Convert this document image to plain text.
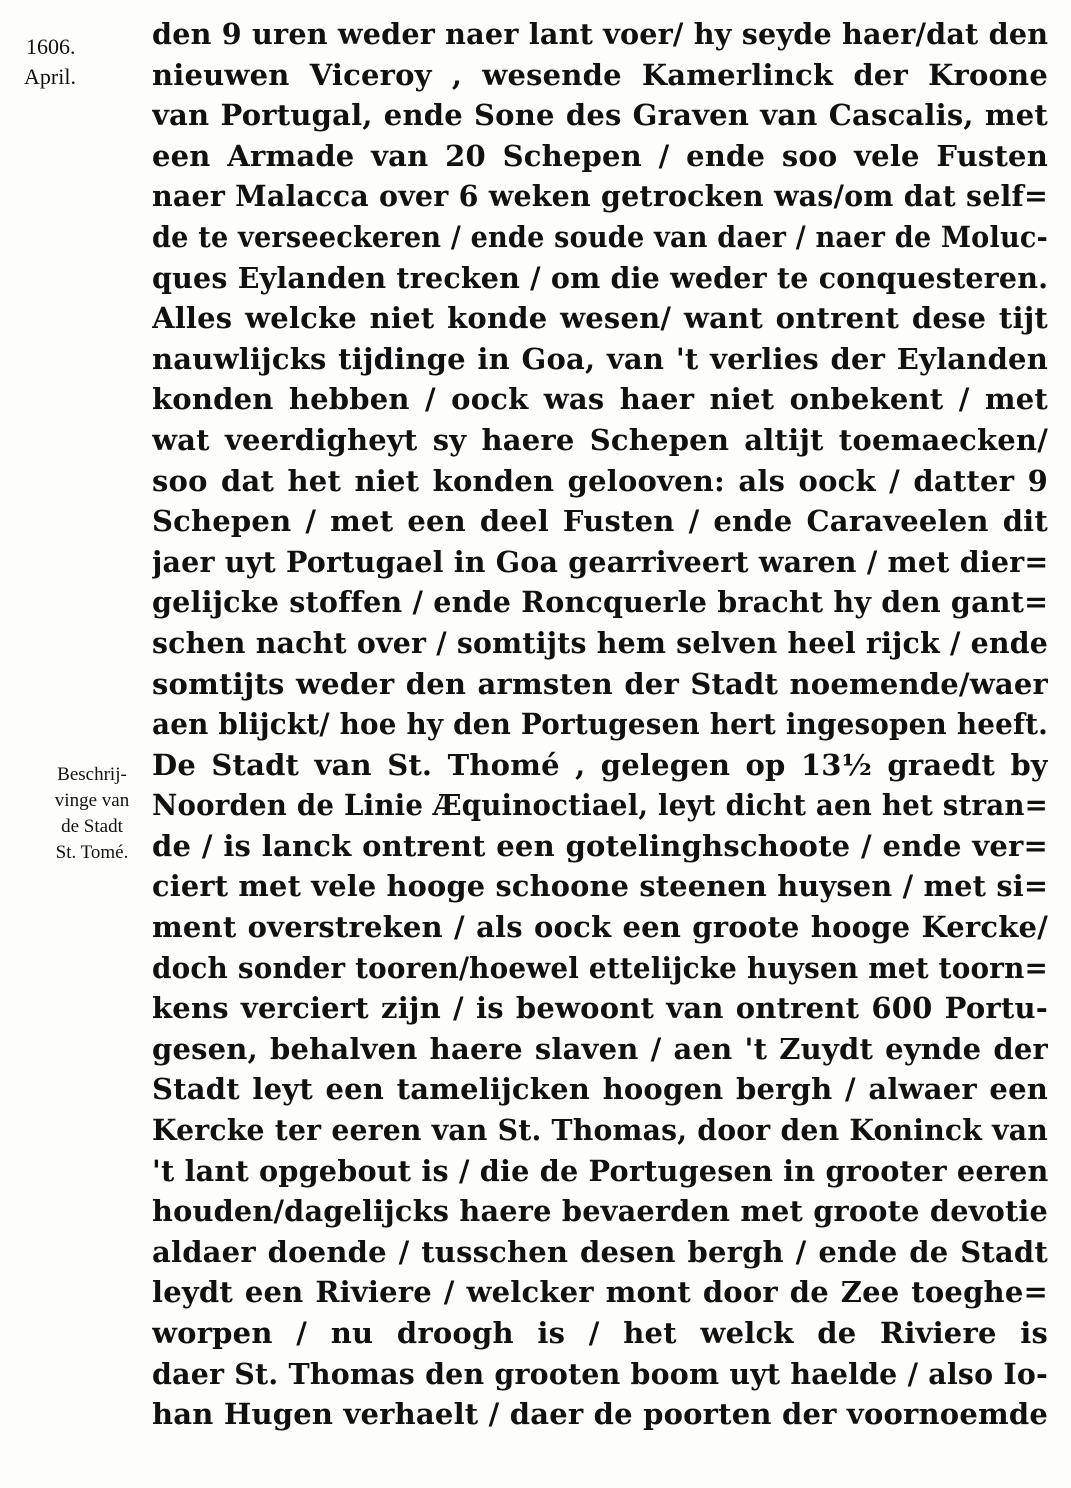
1606.
April.
Beschrij-
vinge van
de Stadt
St. Tomé.
den 9 uren weder naer lant voer/ hy seyde haer/dat den
nieuwen Viceroy , wesende Kamerlinck der Kroone
van Portugal, ende Sone des Graven van Cascalis, met
een Armade van 20 Schepen / ende soo vele Fusten
naer Malacca over 6 weken getrocken was/om dat self=
de te verseeckeren / ende soude van daer / naer de Moluc-
ques Eylanden trecken / om die weder te conquesteren.
Alles welcke niet konde wesen/ want ontrent dese tijt
nauwlijcks tijdinge in Goa, van 't verlies der Eylanden
konden hebben / oock was haer niet onbekent / met
wat veerdigheyt sy haere Schepen altijt toemaecken/
soo dat het niet konden gelooven: als oock / datter 9
Schepen / met een deel Fusten / ende Caraveelen dit
jaer uyt Portugael in Goa gearriveert waren / met dier=
gelijcke stoffen / ende Roncquerle bracht hy den gant=
schen nacht over / somtijts hem selven heel rijck / ende
somtijts weder den armsten der Stadt noemende/waer
aen blijckt/ hoe hy den Portugesen hert ingesopen heeft.
De Stadt van St. Thomé , gelegen op 13½ graedt by
Noorden de Linie Æquinoctiael, leyt dicht aen het stran=
de / is lanck ontrent een gotelinghschoote / ende ver=
ciert met vele hooge schoone steenen huysen / met si=
ment overstreken / als oock een groote hooge Kercke/
doch sonder tooren/hoewel ettelijcke huysen met toorn=
kens verciert zijn / is bewoont van ontrent 600 Portu-
gesen, behalven haere slaven / aen 't Zuydt eynde der
Stadt leyt een tamelijcken hoogen bergh / alwaer een
Kercke ter eeren van St. Thomas, door den Koninck van
't lant opgebout is / die de Portugesen in grooter eeren
houden/dagelijcks haere bevaerden met groote devotie
aldaer doende / tusschen desen bergh / ende de Stadt
leydt een Riviere / welcker mont door de Zee toeghe=
worpen / nu droogh is / het welck de Riviere is
daer St. Thomas den grooten boom uyt haelde / also Io-
han Hugen verhaelt / daer de poorten der voornoemde
